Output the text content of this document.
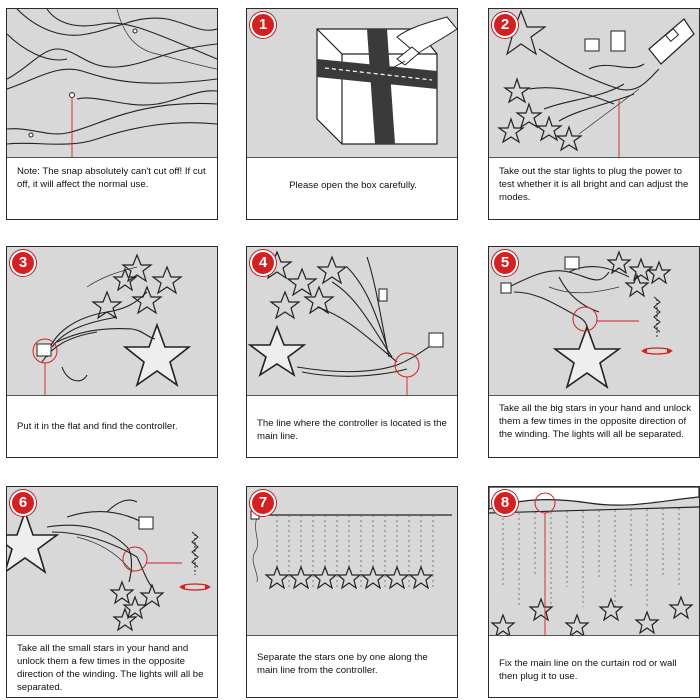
Note: The snap absolutely can't cut off! If cut off, it will affect the normal use.
1
Please open the box carefully.
2
Take out the star lights to plug the power to test whether it is all bright and can adjust the modes.
3
Put it in the flat and find the controller.
4
The line where the controller is located is the main line.
5
Take all the big stars in your hand and unlock them a few times in the opposite direction of the winding. The lights will all be separated.
6
Take all the small stars in your hand and unlock them a few times in the opposite direction of the winding. The lights will all be separated.
7
Separate the stars one by one along the main line from the controller.
8
Fix the main line on the curtain rod or wall then plug it to use.
